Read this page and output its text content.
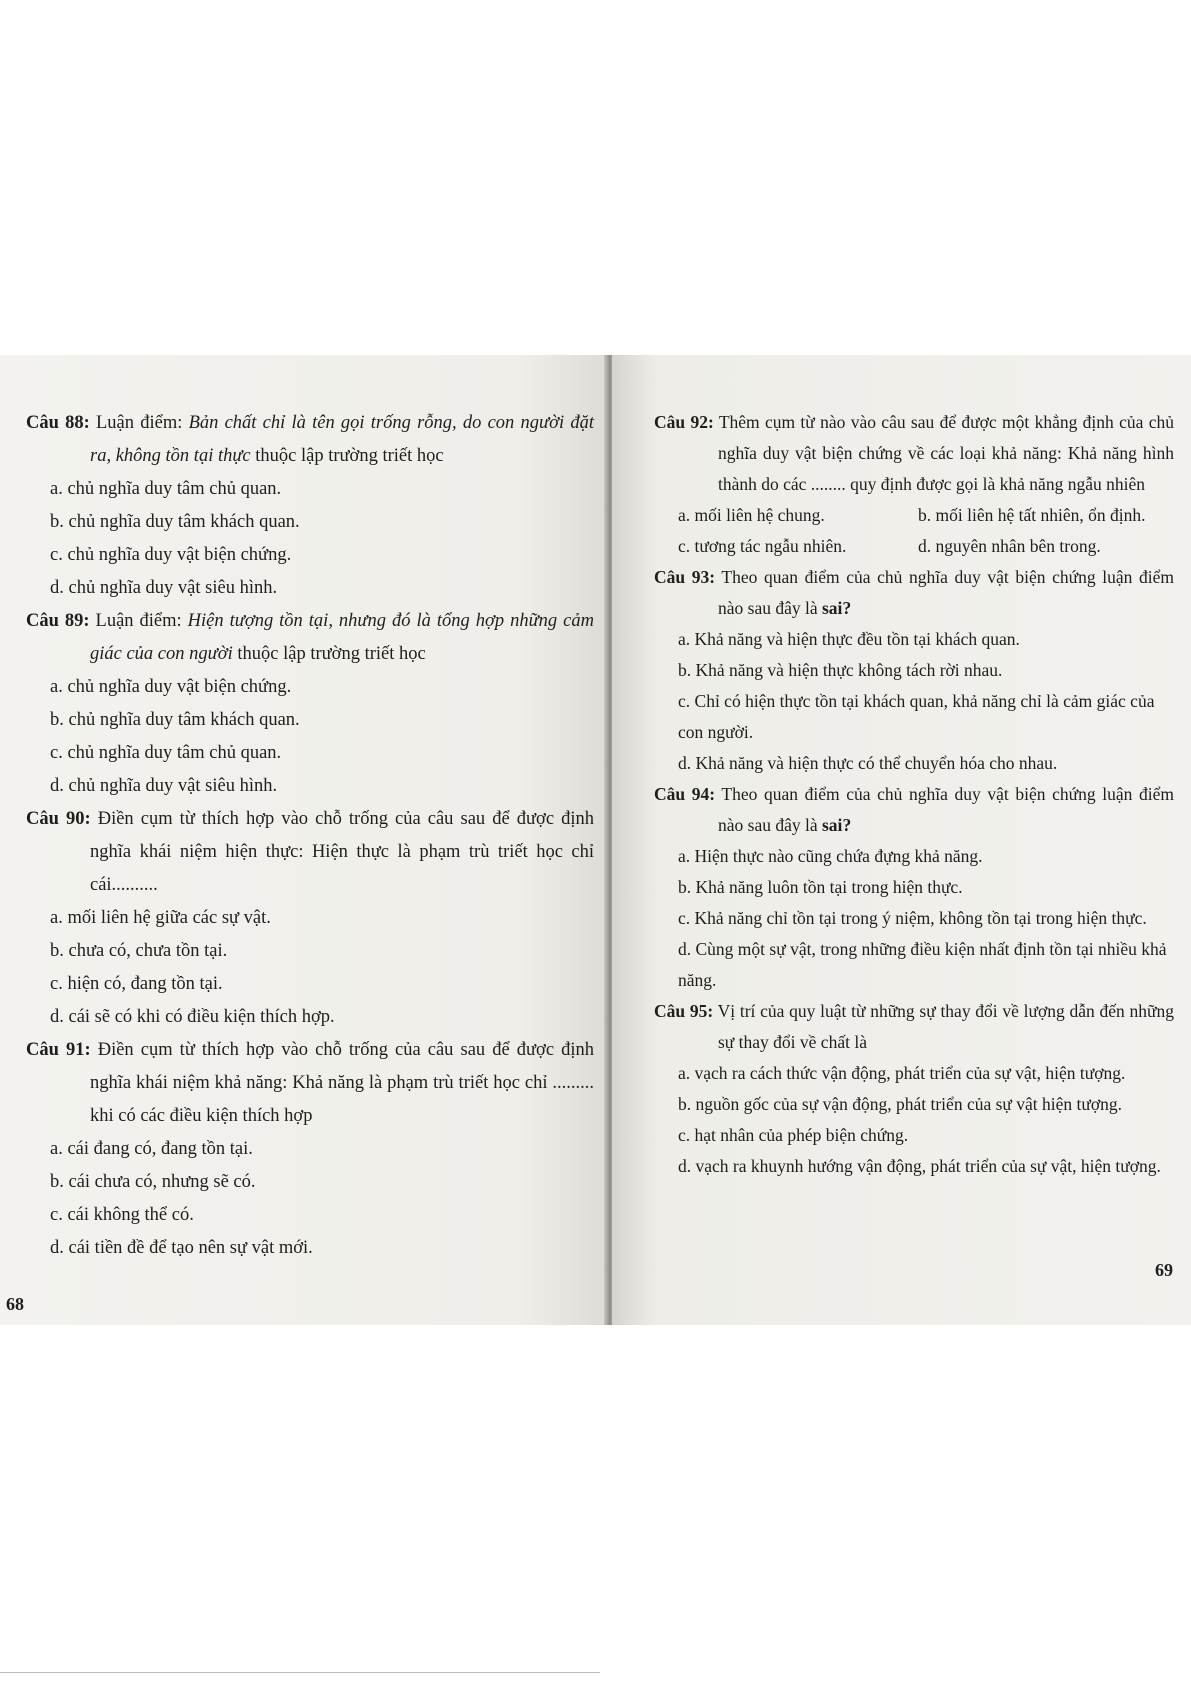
Câu 88: Luận điểm: Bản chất chỉ là tên gọi trống rỗng, do con người đặt ra, không tồn tại thực thuộc lập trường triết học

a. chủ nghĩa duy tâm chủ quan.
b. chủ nghĩa duy tâm khách quan.
c. chủ nghĩa duy vật biện chứng.
d. chủ nghĩa duy vật siêu hình.

Câu 89: Luận điểm: Hiện tượng tồn tại, nhưng đó là tổng hợp những cảm giác của con người thuộc lập trường triết học

a. chủ nghĩa duy vật biện chứng.
b. chủ nghĩa duy tâm khách quan.
c. chủ nghĩa duy tâm chủ quan.
d. chủ nghĩa duy vật siêu hình.

Câu 90: Điền cụm từ thích hợp vào chỗ trống của câu sau để được định nghĩa khái niệm hiện thực: Hiện thực là phạm trù triết học chỉ cái..........

a. mối liên hệ giữa các sự vật.
b. chưa có, chưa tồn tại.
c. hiện có, đang tồn tại.
d. cái sẽ có khi có điều kiện thích hợp.

Câu 91: Điền cụm từ thích hợp vào chỗ trống của câu sau để được định nghĩa khái niệm khả năng: Khả năng là phạm trù triết học chỉ ......... khi có các điều kiện thích hợp

a. cái đang có, đang tồn tại.
b. cái chưa có, nhưng sẽ có.
c. cái không thể có.
d. cái tiền đề để tạo nên sự vật mới.
68

Câu 92: Thêm cụm từ nào vào câu sau để được một khẳng định của chủ nghĩa duy vật biện chứng về các loại khả năng: Khả năng hình thành do các ........ quy định được gọi là khả năng ngẫu nhiên

a. mối liên hệ chung.	b. mối liên hệ tất nhiên, ổn định.
c. tương tác ngẫu nhiên.	d. nguyên nhân bên trong.

Câu 93: Theo quan điểm của chủ nghĩa duy vật biện chứng luận điểm nào sau đây là sai?

a. Khả năng và hiện thực đều tồn tại khách quan.
b. Khả năng và hiện thực không tách rời nhau.
c. Chỉ có hiện thực tồn tại khách quan, khả năng chỉ là cảm giác của con người.
d. Khả năng và hiện thực có thể chuyển hóa cho nhau.

Câu 94: Theo quan điểm của chủ nghĩa duy vật biện chứng luận điểm nào sau đây là sai?

a. Hiện thực nào cũng chứa đựng khả năng.
b. Khả năng luôn tồn tại trong hiện thực.
c. Khả năng chỉ tồn tại trong ý niệm, không tồn tại trong hiện thực.
d. Cùng một sự vật, trong những điều kiện nhất định tồn tại nhiều khả năng.

Câu 95: Vị trí của quy luật từ những sự thay đổi về lượng dẫn đến những sự thay đổi về chất là

a. vạch ra cách thức vận động, phát triển của sự vật, hiện tượng.
b. nguồn gốc của sự vận động, phát triển của sự vật hiện tượng.
c. hạt nhân của phép biện chứng.
d. vạch ra khuynh hướng vận động, phát triển của sự vật, hiện tượng.
69
